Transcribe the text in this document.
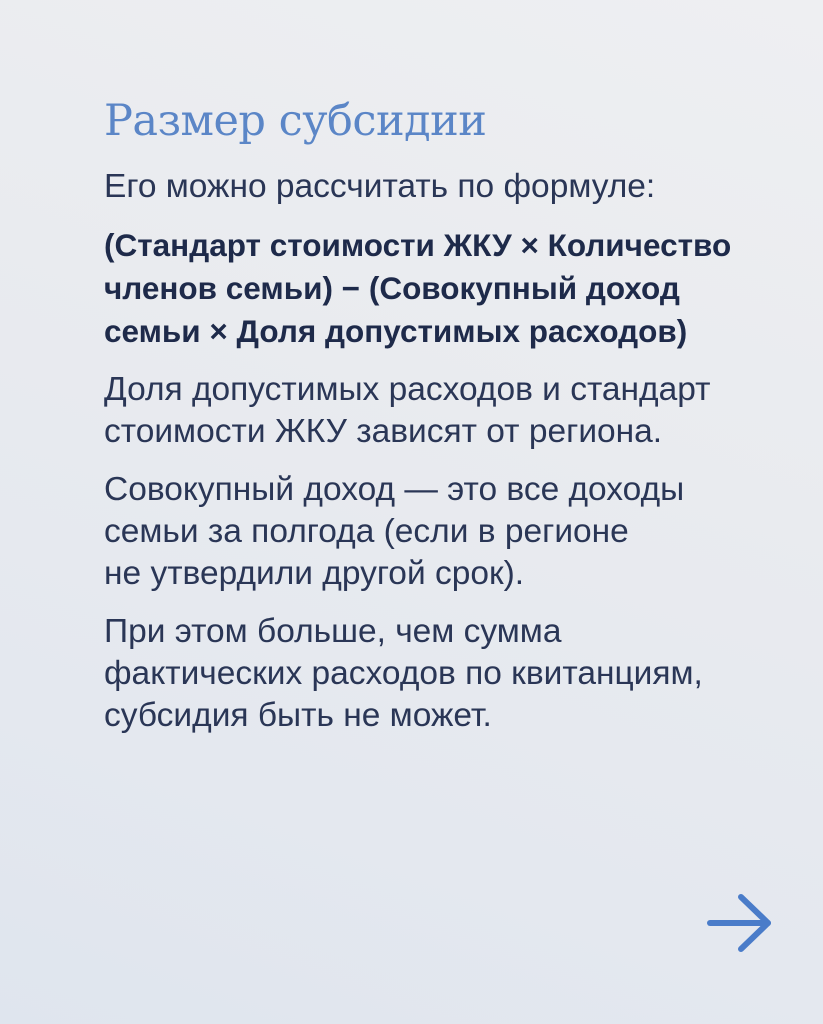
Размер субсидии

Его можно рассчитать по формуле:

(Стандарт стоимости ЖКУ × Количество
членов семьи) − (Совокупный доход
семьи × Доля допустимых расходов)

Доля допустимых расходов и стандарт
стоимости ЖКУ зависят от региона.

Совокупный доход — это все доходы
семьи за полгода (если в регионе
не утвердили другой срок).

При этом больше, чем сумма
фактических расходов по квитанциям,
субсидия быть не может.
